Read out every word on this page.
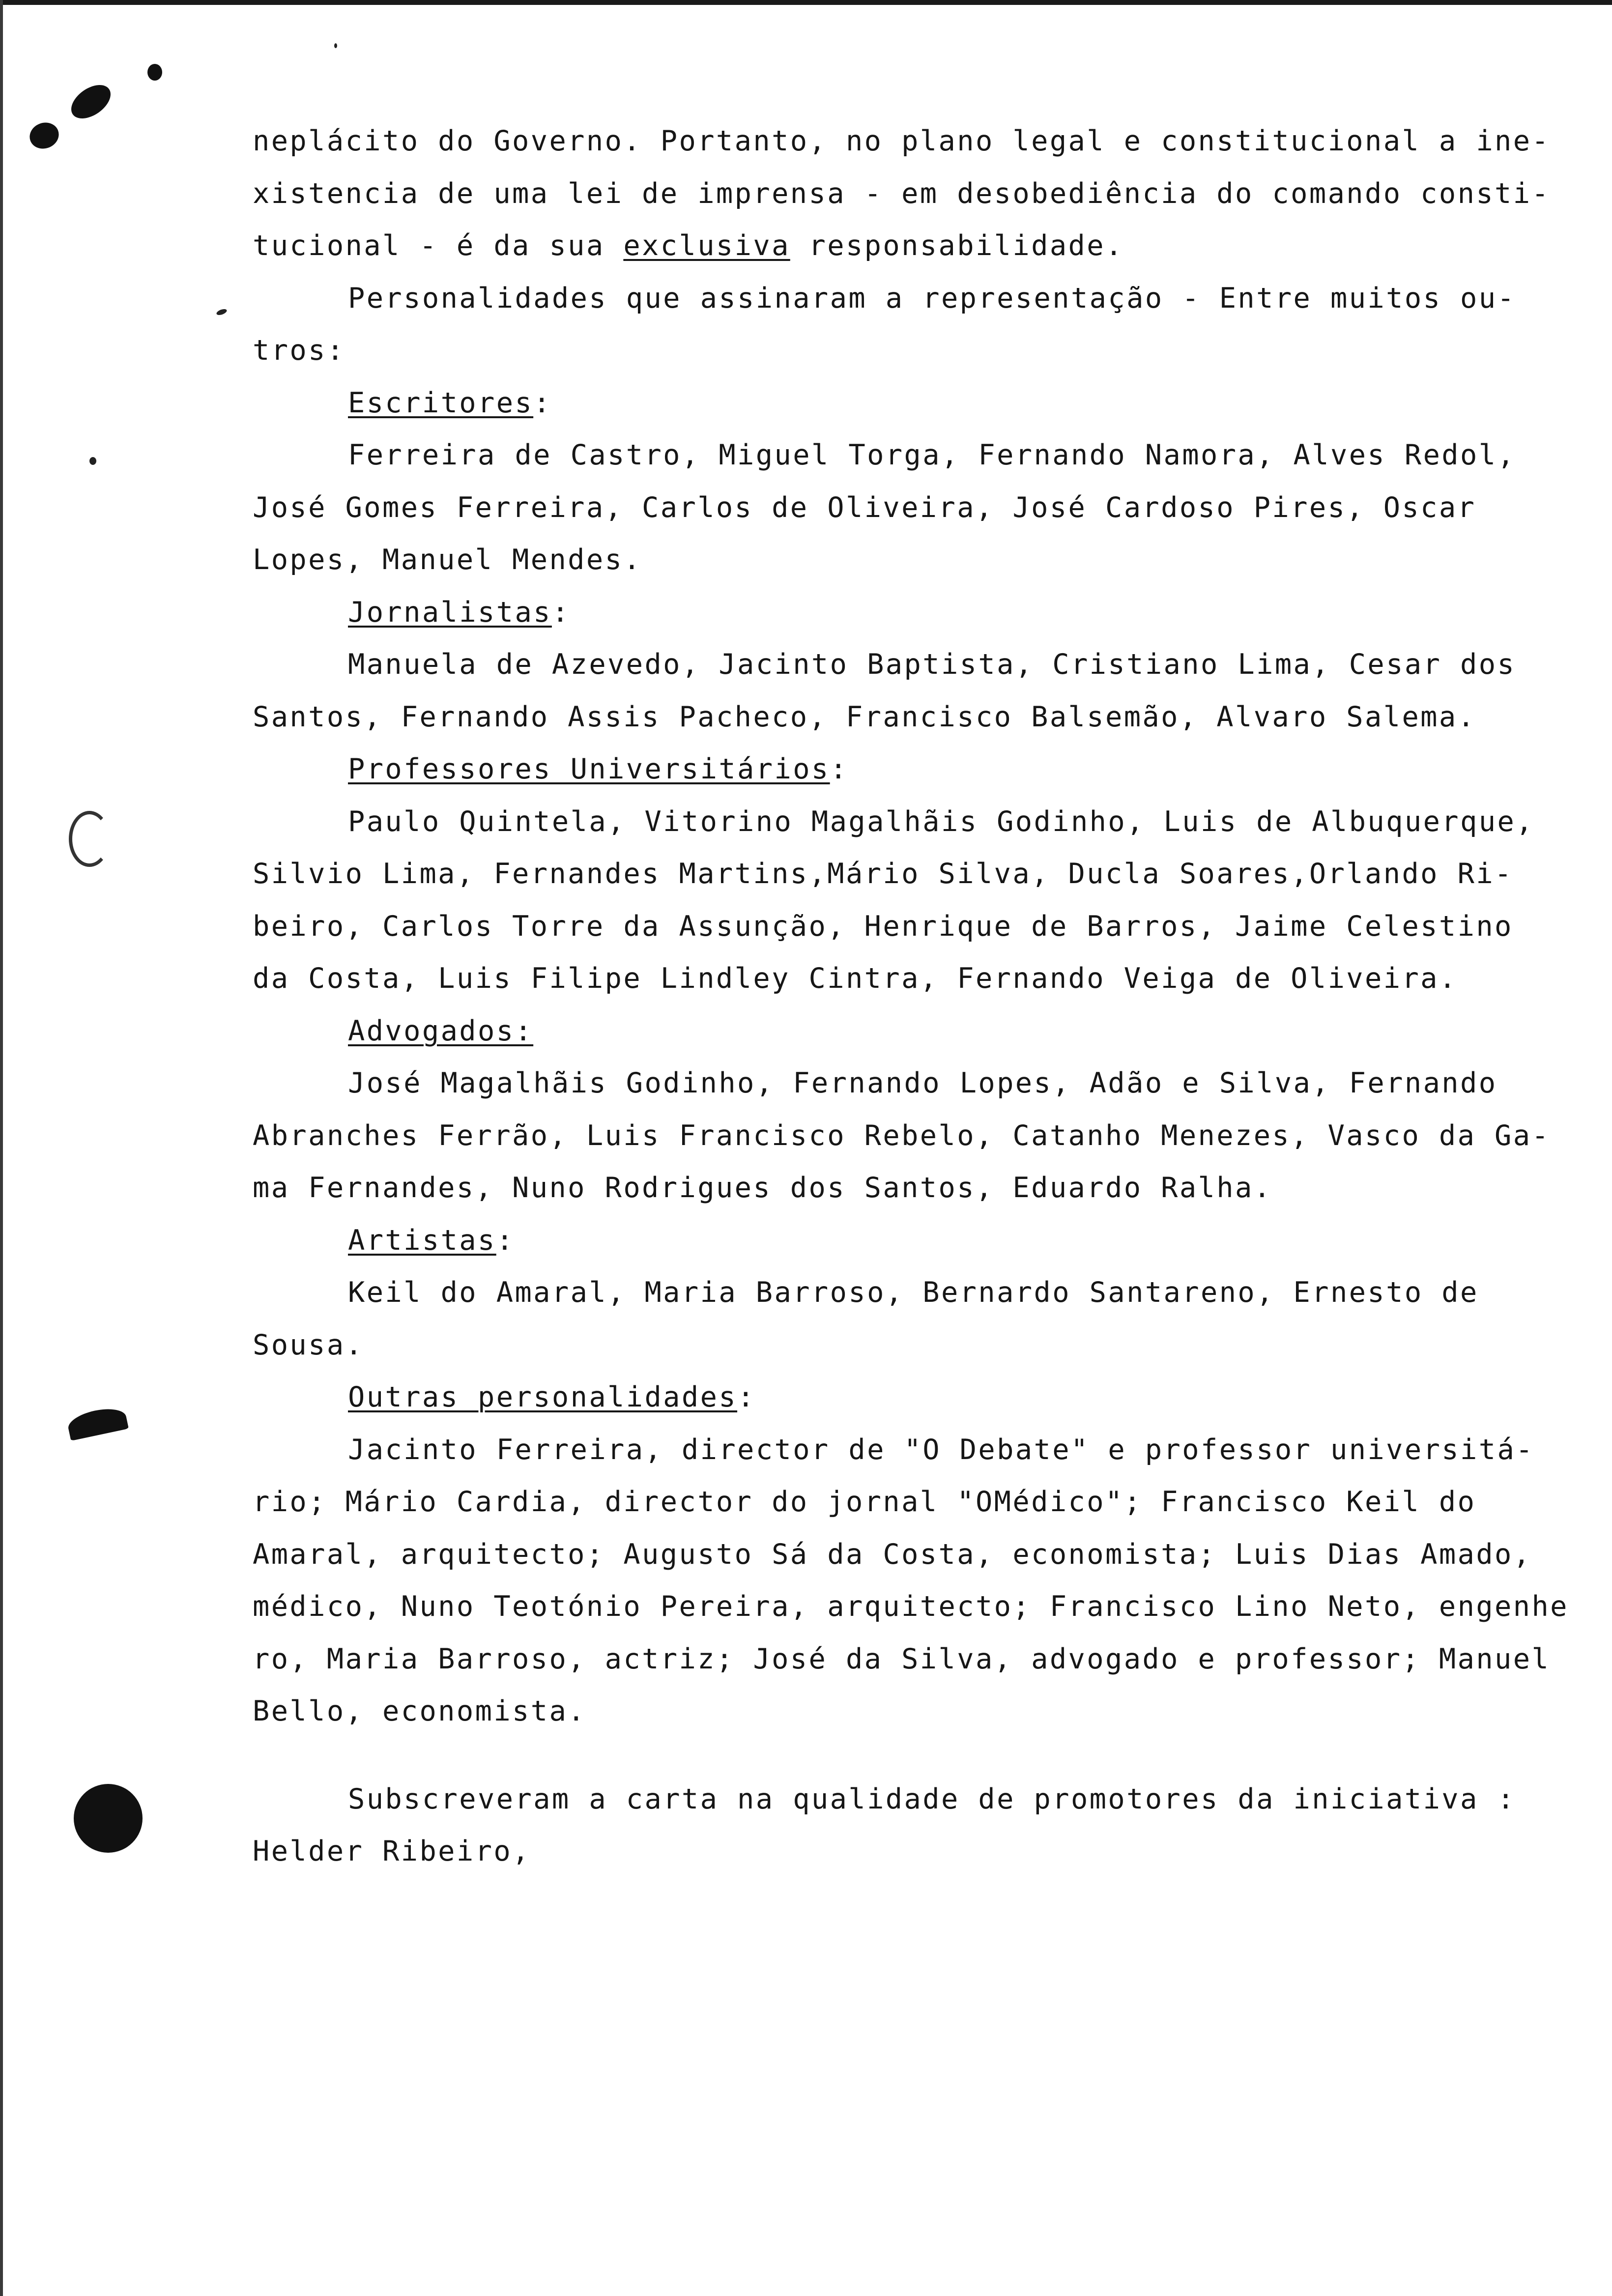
neplácito do Governo. Portanto, no plano legal e constitucional a ine-
xistencia de uma lei de imprensa - em desobediência do comando consti-
tucional - é da sua exclusiva responsabilidade.
Personalidades que assinaram a representação - Entre muitos ou-
tros:
Escritores:
Ferreira de Castro, Miguel Torga, Fernando Namora, Alves Redol,
José Gomes Ferreira, Carlos de Oliveira, José Cardoso Pires, Oscar
Lopes, Manuel Mendes.
Jornalistas:
Manuela de Azevedo, Jacinto Baptista, Cristiano Lima, Cesar dos
Santos, Fernando Assis Pacheco, Francisco Balsemão, Alvaro Salema.
Professores Universitários:
Paulo Quintela, Vitorino Magalhãis Godinho, Luis de Albuquerque,
Silvio Lima, Fernandes Martins,Mário Silva, Ducla Soares,Orlando Ri-
beiro, Carlos Torre da Assunção, Henrique de Barros, Jaime Celestino
da Costa, Luis Filipe Lindley Cintra, Fernando Veiga de Oliveira.
Advogados:
José Magalhãis Godinho, Fernando Lopes, Adão e Silva, Fernando
Abranches Ferrão, Luis Francisco Rebelo, Catanho Menezes, Vasco da Ga-
ma Fernandes, Nuno Rodrigues dos Santos, Eduardo Ralha.
Artistas:
Keil do Amaral, Maria Barroso, Bernardo Santareno, Ernesto de
Sousa.
Outras personalidades:
Jacinto Ferreira, director de "O Debate" e professor universitá-
rio; Mário Cardia, director do jornal "OMédico"; Francisco Keil do
Amaral, arquitecto; Augusto Sá da Costa, economista; Luis Dias Amado,
médico, Nuno Teotónio Pereira, arquitecto; Francisco Lino Neto, engenhe
ro, Maria Barroso, actriz; José da Silva, advogado e professor; Manuel
Bello, economista.
Subscreveram a carta na qualidade de promotores da iniciativa :
Helder Ribeiro,
